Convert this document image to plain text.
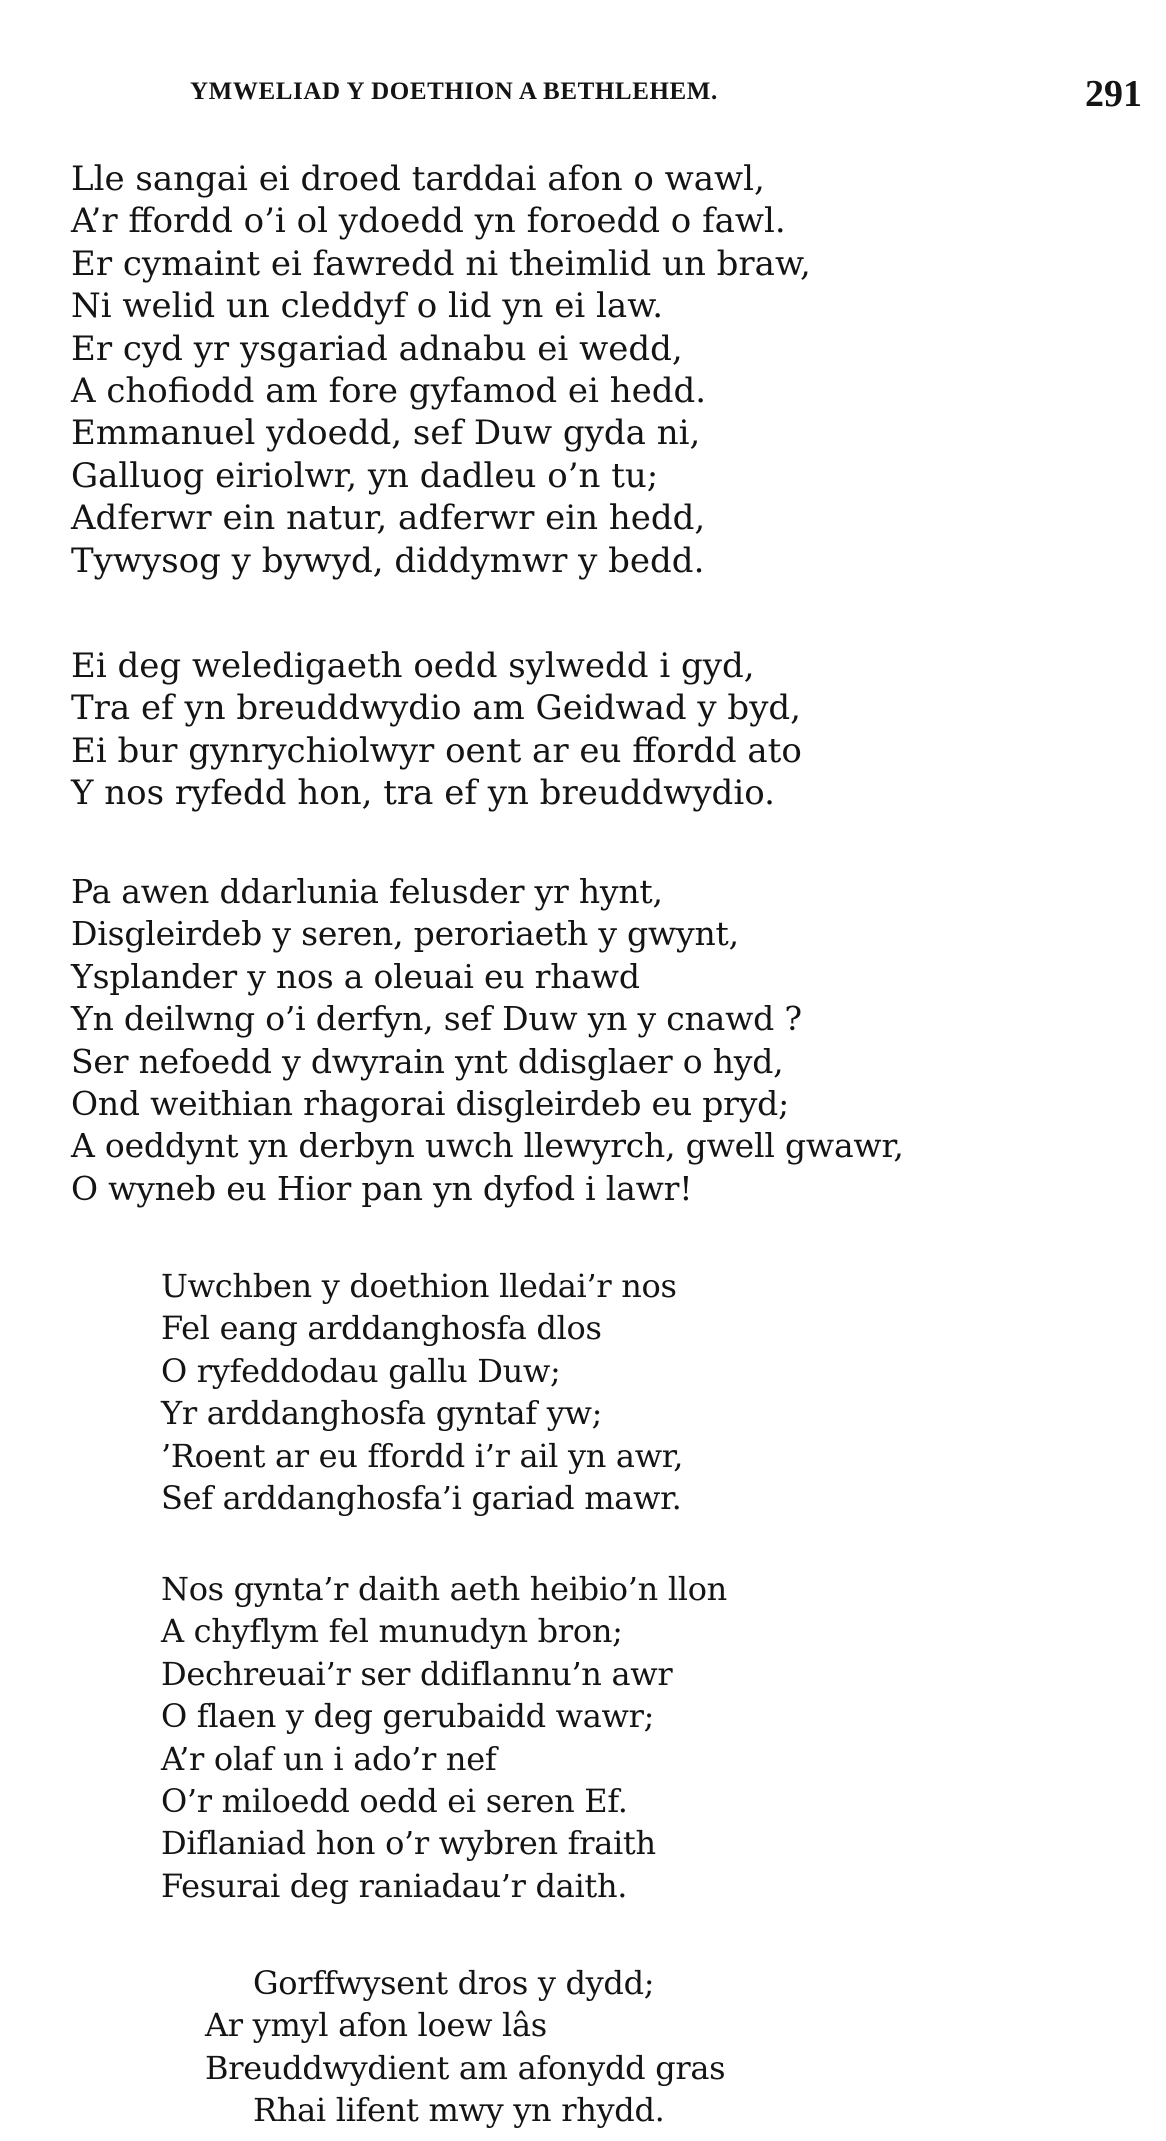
YMWELIAD Y DOETHION A BETHLEHEM.	291
Lle sangai ei droed tarddai afon o wawl,
A’r ffordd o’i ol ydoedd yn foroedd o fawl.
Er cymaint ei fawredd ni theimlid un braw,
Ni welid un cleddyf o lid yn ei law.
Er cyd yr ysgariad adnabu ei wedd,
A chofiodd am fore gyfamod ei hedd.
Emmanuel ydoedd, sef Duw gyda ni,
Galluog eiriolwr, yn dadleu o’n tu;
Adferwr ein natur, adferwr ein hedd,
Tywysog y bywyd, diddymwr y bedd.
Ei deg weledigaeth oedd sylwedd i gyd,
Tra ef yn breuddwydio am Geidwad y byd,
Ei bur gynrychiolwyr oent ar eu ffordd ato
Y nos ryfedd hon, tra ef yn breuddwydio.
Pa awen ddarlunia felusder yr hynt,
Disgleirdeb y seren, peroriaeth y gwynt,
Ysplander y nos a oleuai eu rhawd
Yn deilwng o’i derfyn, sef Duw yn y cnawd ?
Ser nefoedd y dwyrain ynt ddisglaer o hyd,
Ond weithian rhagorai disgleirdeb eu pryd;
A oeddynt yn derbyn uwch llewyrch, gwell gwawr,
O wyneb eu Hior pan yn dyfod i lawr!
Uwchben y doethion lledai’r nos
Fel eang arddanghosfa dlos
O ryfeddodau gallu Duw;
Yr arddanghosfa gyntaf yw;
’Roent ar eu ffordd i’r ail yn awr,
Sef arddanghosfa’i gariad mawr.
Nos gynta’r daith aeth heibio’n llon
A chyflym fel munudyn bron;
Dechreuai’r ser ddiflannu’n awr
O flaen y deg gerubaidd wawr;
A’r olaf un i ado’r nef
O’r miloedd oedd ei seren Ef.
Diflaniad hon o’r wybren fraith
Fesurai deg raniadau’r daith.
Gorffwysent dros y dydd;
Ar ymyl afon loew lâs
Breuddwydient am afonydd gras
Rhai lifent mwy yn rhydd.
